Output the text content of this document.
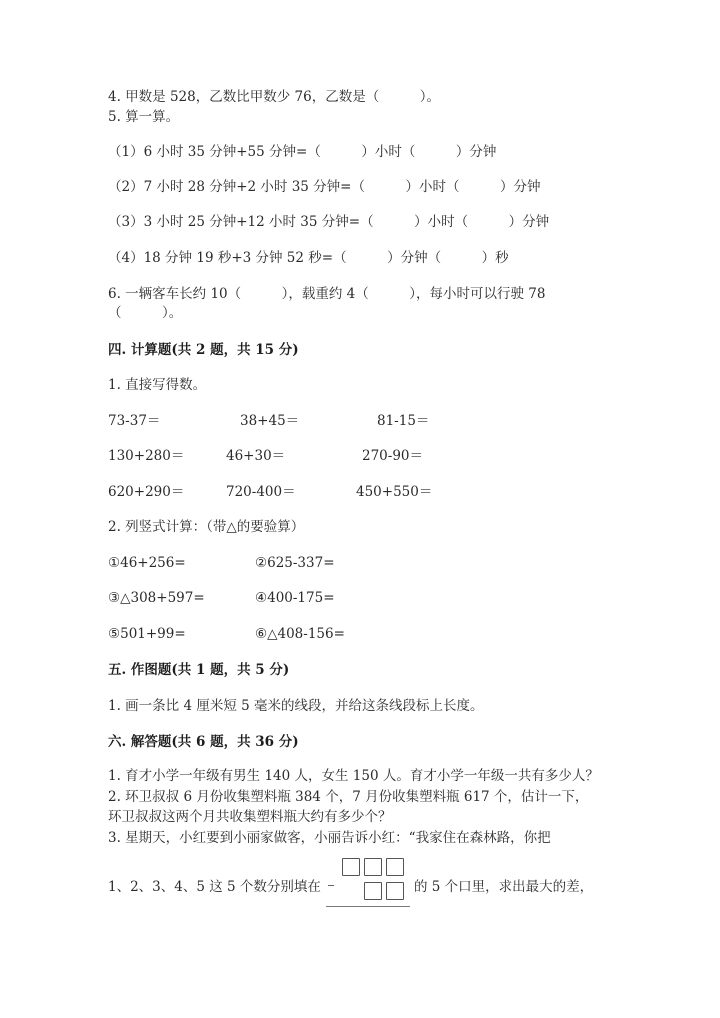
4. 甲数是 528，乙数比甲数少 76，乙数是（　　　）。
5. 算一算。
（1）6 小时 35 分钟+55 分钟=（　　　）小时（　　　）分钟
（2）7 小时 28 分钟+2 小时 35 分钟=（　　　）小时（　　　）分钟
（3）3 小时 25 分钟+12 小时 35 分钟=（　　　）小时（　　　）分钟
（4）18 分钟 19 秒+3 分钟 52 秒=（　　　）分钟（　　　）秒
6. 一辆客车长约 10（　　　），载重约 4（　　　），每小时可以行驶 78
（　　　）。
四. 计算题(共 2 题，共 15 分)
1. 直接写得数。
73-37＝	38+45＝	81-15＝
130+280＝	46+30＝	270-90＝
620+290＝	720-400＝	450+550＝
2. 列竖式计算：（带△的要验算）
①46+256=	②625-337=
③△308+597=	④400-175=
⑤501+99=	⑥△408-156=
五. 作图题(共 1 题，共 5 分)
1. 画一条比 4 厘米短 5 毫米的线段，并给这条线段标上长度。
六. 解答题(共 6 题，共 36 分)
1. 育才小学一年级有男生 140 人，女生 150 人。育才小学一年级一共有多少人？
2. 环卫叔叔 6 月份收集塑料瓶 384 个，7 月份收集塑料瓶 617 个，估计一下，
环卫叔叔这两个月共收集塑料瓶大约有多少个？
3. 星期天，小红要到小丽家做客，小丽告诉小红：“我家住在森林路，你把
1、2、3、4、5 这 5 个数分别填在	的 5 个口里，求出最大的差，
